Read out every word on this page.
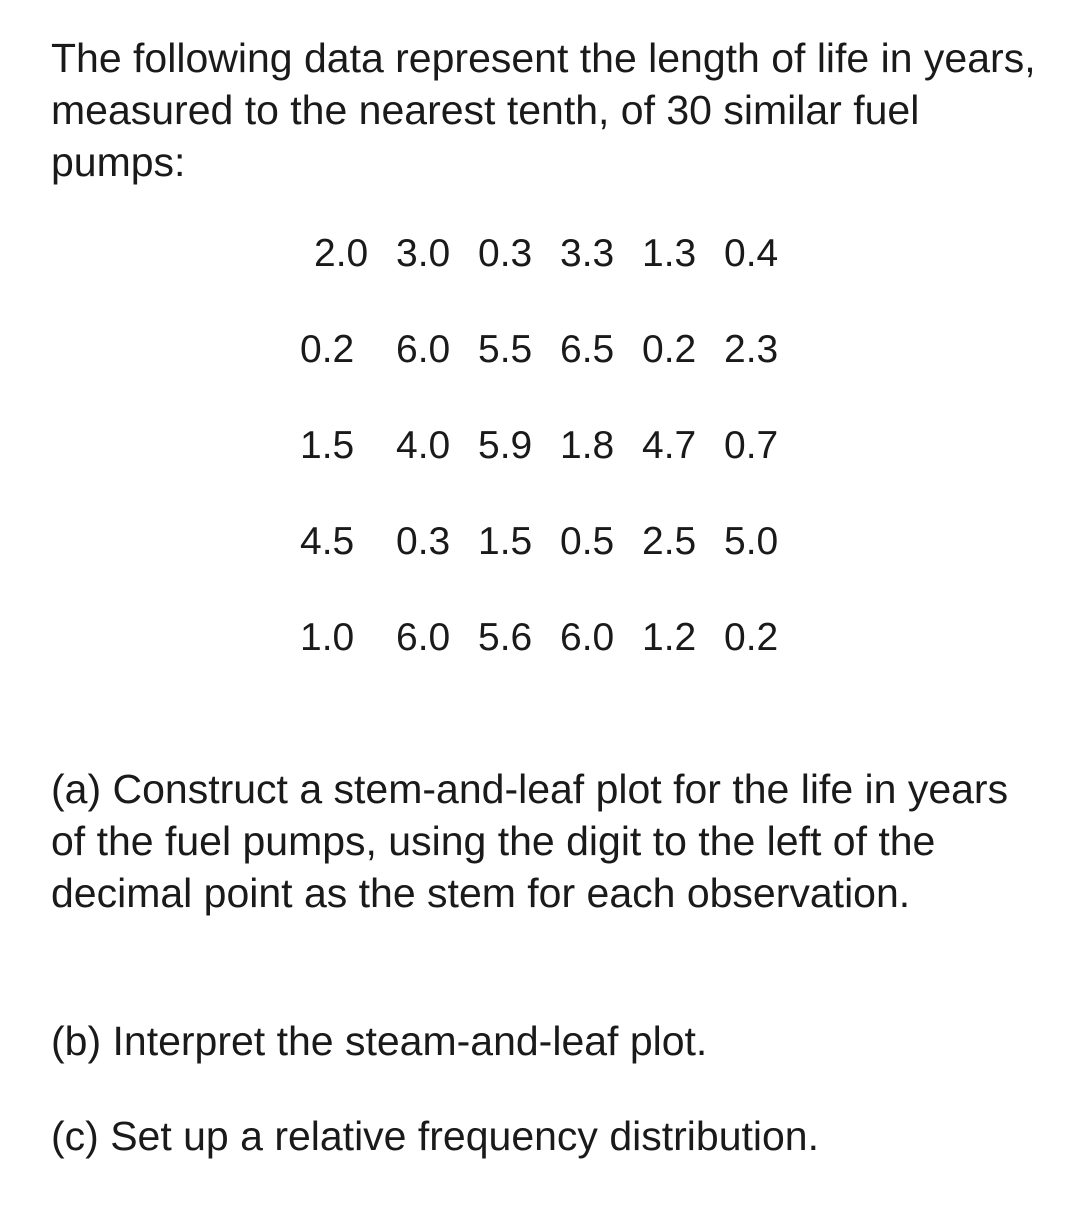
The following data represent the length of life in years, measured to the nearest tenth, of 30 similar fuel pumps:

2.0	3.0	0.3	3.3	1.3	0.4
0.2	6.0	5.5	6.5	0.2	2.3
1.5	4.0	5.9	1.8	4.7	0.7
4.5	0.3	1.5	0.5	2.5	5.0
1.0	6.0	5.6	6.0	1.2	0.2

(a) Construct a stem-and-leaf plot for the life in years of the fuel pumps, using the digit to the left of the decimal point as the stem for each observation.

(b) Interpret the steam-and-leaf plot.

(c) Set up a relative frequency distribution.
